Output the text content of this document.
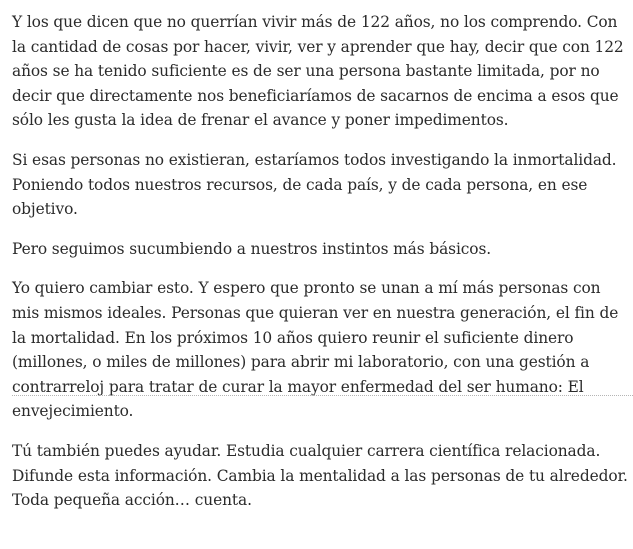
Y los que dicen que no querrían vivir más de 122 años, no los comprendo. Con la cantidad de cosas por hacer, vivir, ver y aprender que hay, decir que con 122 años se ha tenido suficiente es de ser una persona bastante limitada, por no decir que directamente nos beneficiaríamos de sacarnos de encima a esos que sólo les gusta la idea de frenar el avance y poner impedimentos.

Si esas personas no existieran, estaríamos todos investigando la inmortalidad. Poniendo todos nuestros recursos, de cada país, y de cada persona, en ese objetivo.

Pero seguimos sucumbiendo a nuestros instintos más básicos.

Yo quiero cambiar esto. Y espero que pronto se unan a mí más personas con mis mismos ideales. Personas que quieran ver en nuestra generación, el fin de la mortalidad. En los próximos 10 años quiero reunir el suficiente dinero (millones, o miles de millones) para abrir mi laboratorio, con una gestión a contrarreloj para tratar de curar la mayor enfermedad del ser humano: El envejecimiento.

Tú también puedes ayudar. Estudia cualquier carrera científica relacionada. Difunde esta información. Cambia la mentalidad a las personas de tu alrededor. Toda pequeña acción… cuenta.
